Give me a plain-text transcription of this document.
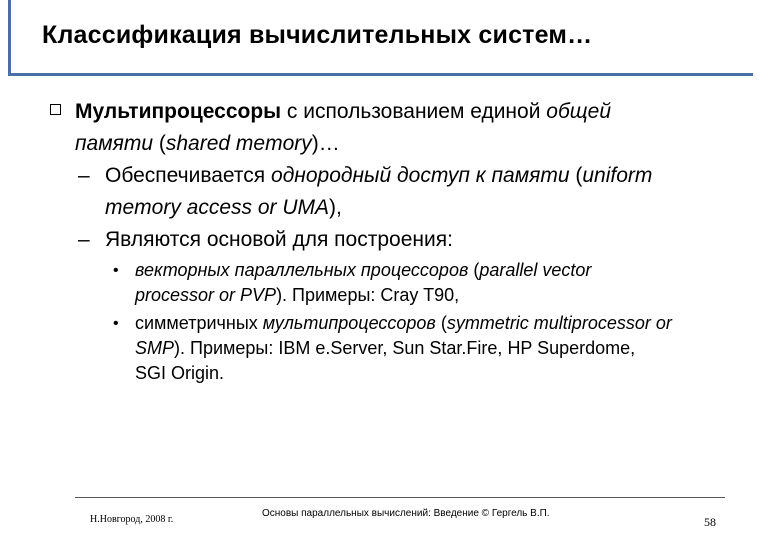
Классификация вычислительных систем…

Мультипроцессоры с использованием единой общей

памяти (shared memory)…

– Обеспечивается однородный доступ к памяти (uniform
memory access or UMA),
– Являются основой для построения:
• векторных параллельных процессоров (parallel vector
processor or PVP). Примеры: Cray T90,
• симметричных мультипроцессоров (symmetric multiprocessor or
SMP). Примеры: IBM e.Server, Sun Star.Fire, HP Superdome,
SGI Origin.
Н.Новгород, 2008 г.
Основы параллельных вычислений: Введение © Гергель В.П.
58
